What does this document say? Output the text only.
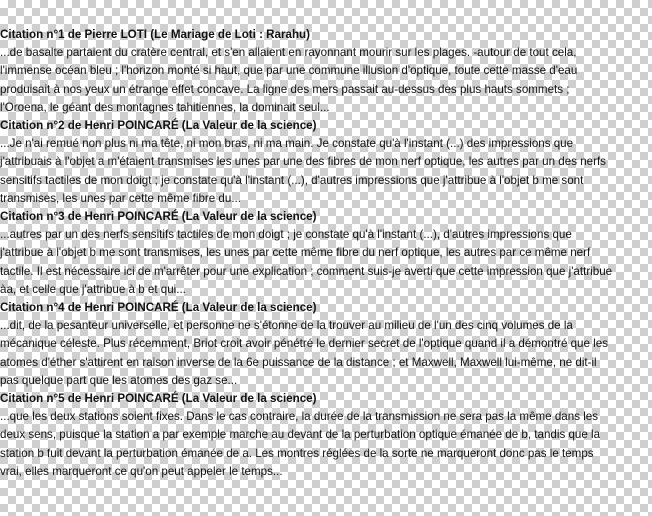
Citation n°1 de Pierre LOTI (Le Mariage de Loti : Rarahu)
...de basalte partaient du cratère central, et s'en allaient en rayonnant mourir sur les plages. -autour de tout cela,
l'immense océan bleu ; l'horizon monté si haut, que par une commune illusion d'optique, toute cette masse d'eau
produisait à nos yeux un étrange effet concave. La ligne des mers passait au-dessus des plus hauts sommets ;
l'Oroena, le géant des montagnes tahitiennes, la dominait seul...
Citation n°2 de Henri POINCARÉ (La Valeur de la science)
...Je n'ai remué non plus ni ma tête, ni mon bras, ni ma main. Je constate qu'à l'instant (...) des impressions que
j'attribuais à l'objet a m'étaient transmises les unes par une des fibres de mon nerf optique, les autres par un des nerfs
sensitifs tactiles de mon doigt ; je constate qu'à l'instant (...), d'autres impressions que j'attribue à l'objet b me sont
transmises, les unes par cette même fibre du...
Citation n°3 de Henri POINCARÉ (La Valeur de la science)
...autres par un des nerfs sensitifs tactiles de mon doigt ; je constate qu'à l'instant (...), d'autres impressions que
j'attribue à l'objet b me sont transmises, les unes par cette même fibre du nerf optique, les autres par ce même nerf
tactile. Il est nécessaire ici de m'arrêter pour une explication ; comment suis-je averti que cette impression que j'attribue
àa, et celle que j'attribue à b et qui...
Citation n°4 de Henri POINCARÉ (La Valeur de la science)
...dit, de la pesanteur universelle, et personne ne s'étonne de la trouver au milieu de l'un des cinq volumes de la
mécanique céleste. Plus récemment, Briot croit avoir pénétré le dernier secret de l'optique quand il a démontré que les
atomes d'éther s'attirent en raison inverse de la 6e puissance de la distance ; et Maxwell, Maxwell lui-même, ne dit-il
pas quelque part que les atomes des gaz se...
Citation n°5 de Henri POINCARÉ (La Valeur de la science)
...que les deux stations soient fixes. Dans le cas contraire, la durée de la transmission ne sera pas la même dans les
deux sens, puisque la station a par exemple marche au devant de la perturbation optique émanée de b, tandis que la
station b fuit devant la perturbation émanée de a. Les montres réglées de la sorte ne marqueront donc pas le temps
vrai, elles marqueront ce qu'on peut appeler le temps...
